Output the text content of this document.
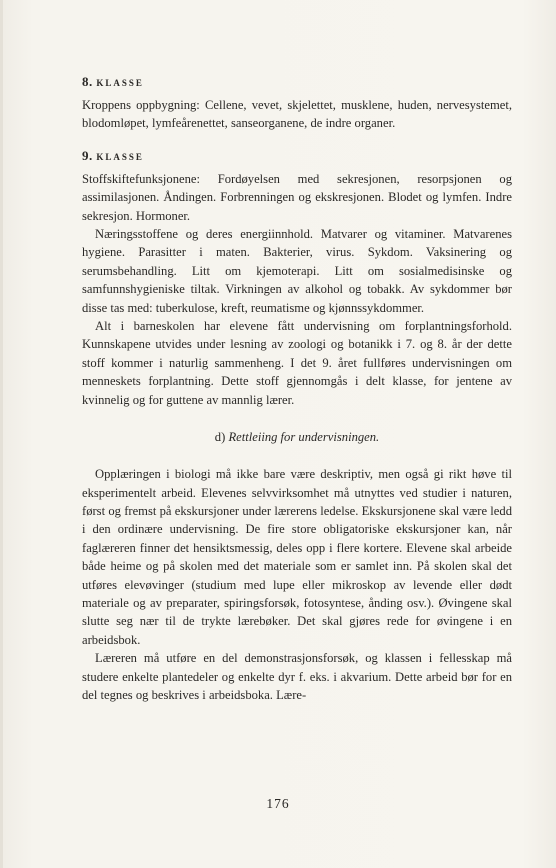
8. KLASSE

Kroppens oppbygning: Cellene, vevet, skjelettet, musklene, huden, nervesystemet, blodomløpet, lymfeårenettet, sanseorganene, de indre organer.

9. KLASSE

Stoffskiftefunksjonene: Fordøyelsen med sekresjonen, resorpsjonen og assimilasjonen. Åndingen. Forbrenningen og ekskresjonen. Blodet og lymfen. Indre sekresjon. Hormoner.

Næringsstoffene og deres energiinnhold. Matvarer og vitaminer. Matvarenes hygiene. Parasitter i maten. Bakterier, virus. Sykdom. Vaksinering og serumsbehandling. Litt om kjemoterapi. Litt om sosialmedisinske og samfunnshygieniske tiltak. Virkningen av alkohol og tobakk. Av sykdommer bør disse tas med: tuberkulose, kreft, reumatisme og kjønnssykdommer.

Alt i barneskolen har elevene fått undervisning om forplantningsforhold. Kunnskapene utvides under lesning av zoologi og botanikk i 7. og 8. år der dette stoff kommer i naturlig sammenheng. I det 9. året fullføres undervisningen om menneskets forplantning. Dette stoff gjennomgås i delt klasse, for jentene av kvinnelig og for guttene av mannlig lærer.

d) Rettleiing for undervisningen.

Opplæringen i biologi må ikke bare være deskriptiv, men også gi rikt høve til eksperimentelt arbeid. Elevenes selvvirksomhet må utnyttes ved studier i naturen, først og fremst på ekskursjoner under lærerens ledelse. Ekskursjonene skal være ledd i den ordinære undervisning. De fire store obligatoriske ekskursjoner kan, når faglæreren finner det hensiktsmessig, deles opp i flere kortere. Elevene skal arbeide både heime og på skolen med det materiale som er samlet inn. På skolen skal det utføres elevøvinger (studium med lupe eller mikroskop av levende eller dødt materiale og av preparater, spiringsforsøk, fotosyntese, ånding osv.). Øvingene skal slutte seg nær til de trykte lærebøker. Det skal gjøres rede for øvingene i en arbeidsbok.

Læreren må utføre en del demonstrasjonsforsøk, og klassen i fellesskap må studere enkelte plantedeler og enkelte dyr f. eks. i akvarium. Dette arbeid bør for en del tegnes og beskrives i arbeidsboka. Lære-

176
